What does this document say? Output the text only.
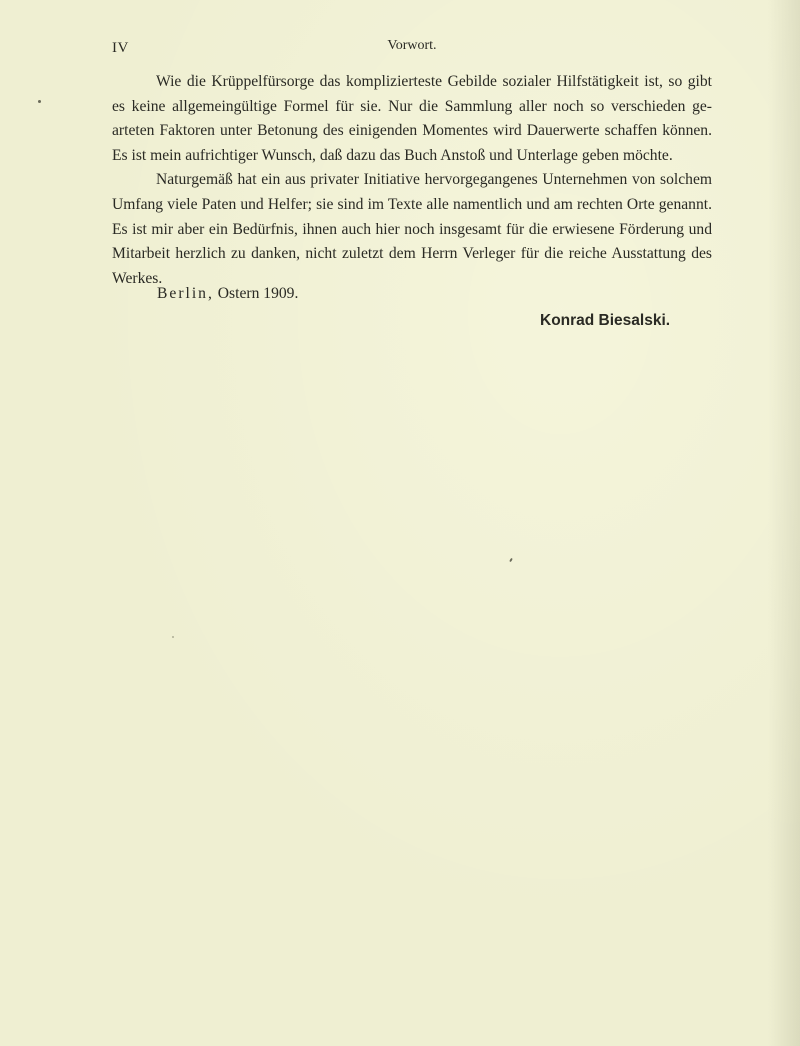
IV	Vorwort.

Wie die Krüppelfürsorge das komplizierteste Gebilde sozialer Hilfstätigkeit ist, so gibt es keine allgemeingültige Formel für sie. Nur die Sammlung aller noch so verschieden ge- arteten Faktoren unter Betonung des einigenden Momentes wird Dauerwerte schaffen können. Es ist mein aufrichtiger Wunsch, daß dazu das Buch Anstoß und Unterlage geben möchte.

Naturgemäß hat ein aus privater Initiative hervorgegangenes Unternehmen von solchem Umfang viele Paten und Helfer; sie sind im Texte alle namentlich und am rechten Orte genannt. Es ist mir aber ein Bedürfnis, ihnen auch hier noch insgesamt für die erwiesene Förderung und Mitarbeit herzlich zu danken, nicht zuletzt dem Herrn Verleger für die reiche Ausstattung des Werkes.

Berlin, Ostern 1909.
Konrad Biesalski.
